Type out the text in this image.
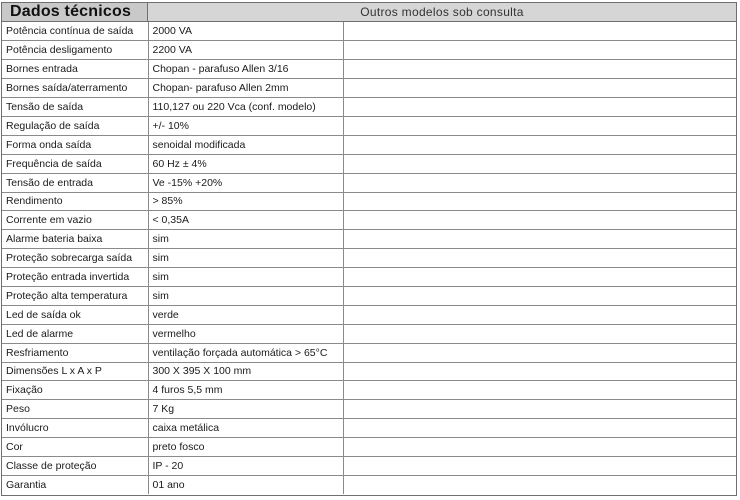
Dados técnicos	Outros modelos sob consulta
Potência contínua de saída	2000 VA	
Potência desligamento	2200 VA	
Bornes entrada	Chopan - parafuso Allen 3/16	
Bornes saída/aterramento	Chopan- parafuso Allen 2mm	
Tensão de saída	110,127 ou 220 Vca (conf. modelo)	
Regulação de saída	+/- 10%	
Forma onda saída	senoidal modificada	
Frequência de saída	60 Hz ± 4%	
Tensão de entrada	Ve -15% +20%	
Rendimento	> 85%	
Corrente em vazio	< 0,35A	
Alarme bateria baixa	sim	
Proteção sobrecarga saída	sim	
Proteção entrada invertida	sim	
Proteção alta temperatura	sim	
Led de saída ok	verde	
Led de alarme	vermelho	
Resfriamento	ventilação forçada automática > 65°C	
Dimensões L x A x P	300 X 395 X 100 mm	
Fixação	4 furos 5,5 mm	
Peso	7 Kg	
Invólucro	caixa metálica	
Cor	preto fosco	
Classe de proteção	IP - 20	
Garantia	01 ano	
